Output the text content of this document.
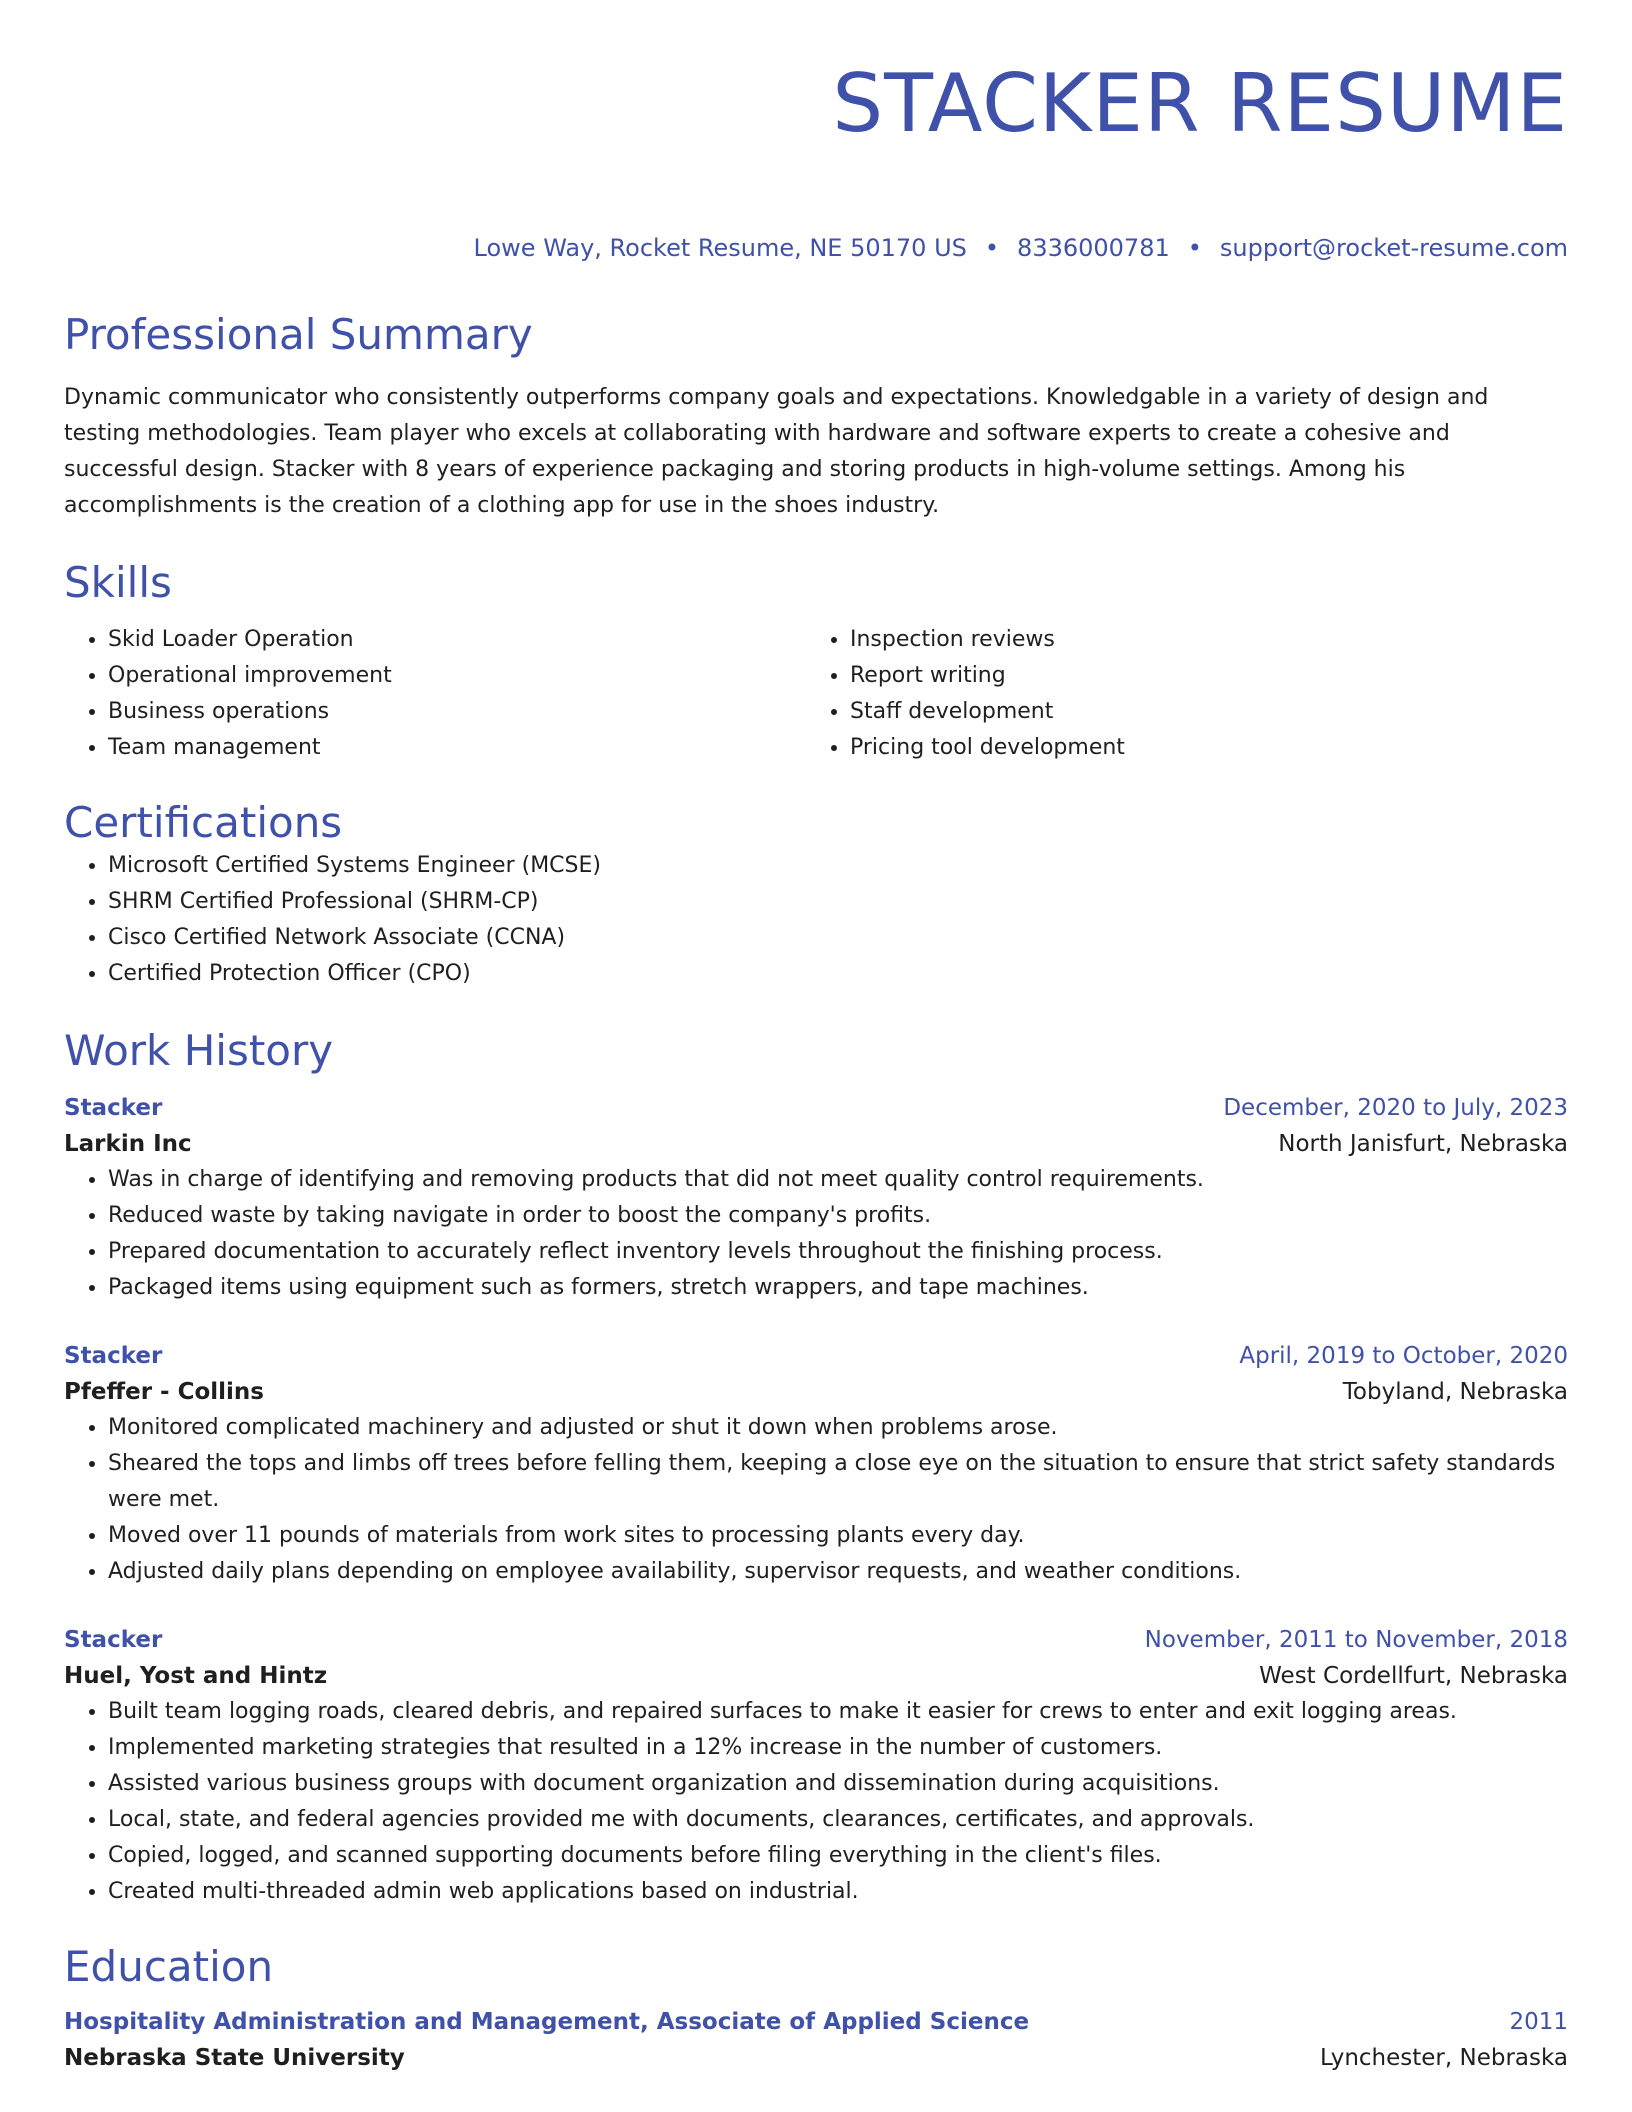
STACKER RESUME
Lowe Way, Rocket Resume, NE 50170 US • 8336000781 • support@rocket-resume.com
Professional Summary

Dynamic communicator who consistently outperforms company goals and expectations. Knowledgable in a variety of design and testing methodologies. Team player who excels at collaborating with hardware and software experts to create a cohesive and successful design. Stacker with 8 years of experience packaging and storing products in high-volume settings. Among his accomplishments is the creation of a clothing app for use in the shoes industry.

Skills
• Skid Loader Operation
• Operational improvement
• Business operations
• Team management
• Inspection reviews
• Report writing
• Staff development
• Pricing tool development
Certifications
• Microsoft Certified Systems Engineer (MCSE)
• SHRM Certified Professional (SHRM-CP)
• Cisco Certified Network Associate (CCNA)
• Certified Protection Officer (CPO)
Work History
Stacker	December, 2020 to July, 2023
Larkin Inc	North Janisfurt, Nebraska
• Was in charge of identifying and removing products that did not meet quality control requirements.
• Reduced waste by taking navigate in order to boost the company's profits.
• Prepared documentation to accurately reflect inventory levels throughout the finishing process.
• Packaged items using equipment such as formers, stretch wrappers, and tape machines.
Stacker	April, 2019 to October, 2020
Pfeffer - Collins	Tobyland, Nebraska
• Monitored complicated machinery and adjusted or shut it down when problems arose.
• Sheared the tops and limbs off trees before felling them, keeping a close eye on the situation to ensure that strict safety standards were met.
• Moved over 11 pounds of materials from work sites to processing plants every day.
• Adjusted daily plans depending on employee availability, supervisor requests, and weather conditions.
Stacker	November, 2011 to November, 2018
Huel, Yost and Hintz	West Cordellfurt, Nebraska
• Built team logging roads, cleared debris, and repaired surfaces to make it easier for crews to enter and exit logging areas.
• Implemented marketing strategies that resulted in a 12% increase in the number of customers.
• Assisted various business groups with document organization and dissemination during acquisitions.
• Local, state, and federal agencies provided me with documents, clearances, certificates, and approvals.
• Copied, logged, and scanned supporting documents before filing everything in the client's files.
• Created multi-threaded admin web applications based on industrial.
Education
Hospitality Administration and Management, Associate of Applied Science	2011
Nebraska State University	Lynchester, Nebraska
